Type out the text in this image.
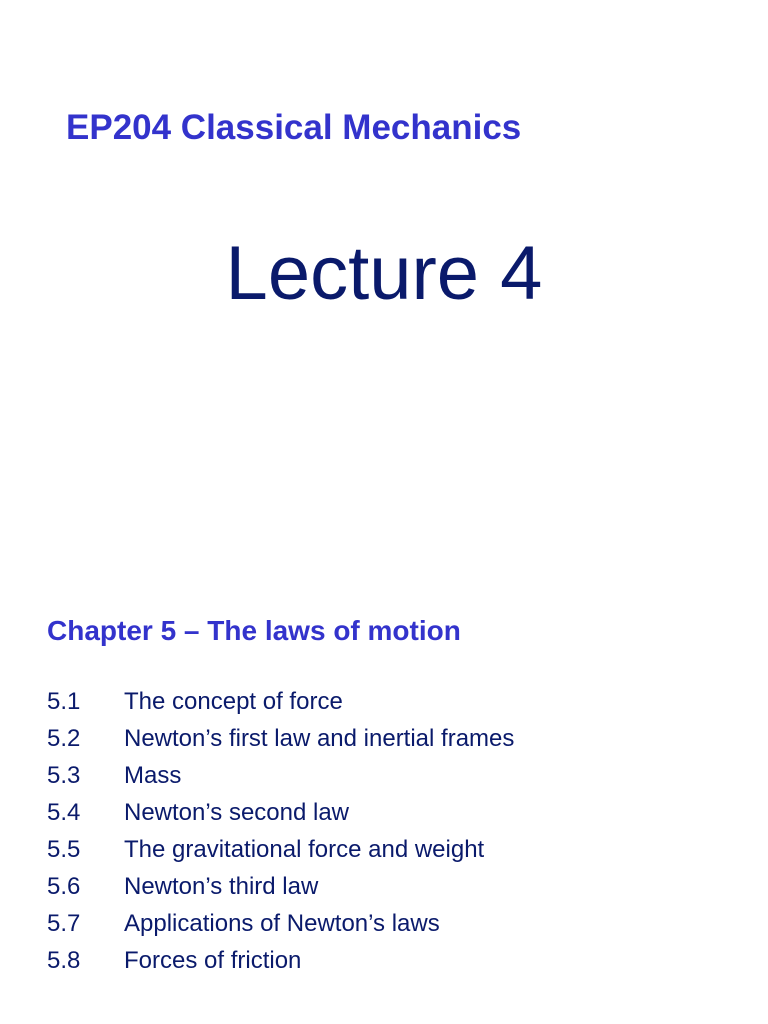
EP204 Classical Mechanics
Lecture 4
Chapter 5 – The laws of motion
5.1 The concept of force
5.2 Newton’s first law and inertial frames
5.3 Mass
5.4 Newton’s second law
5.5 The gravitational force and weight
5.6 Newton’s third law
5.7 Applications of Newton’s laws
5.8 Forces of friction
